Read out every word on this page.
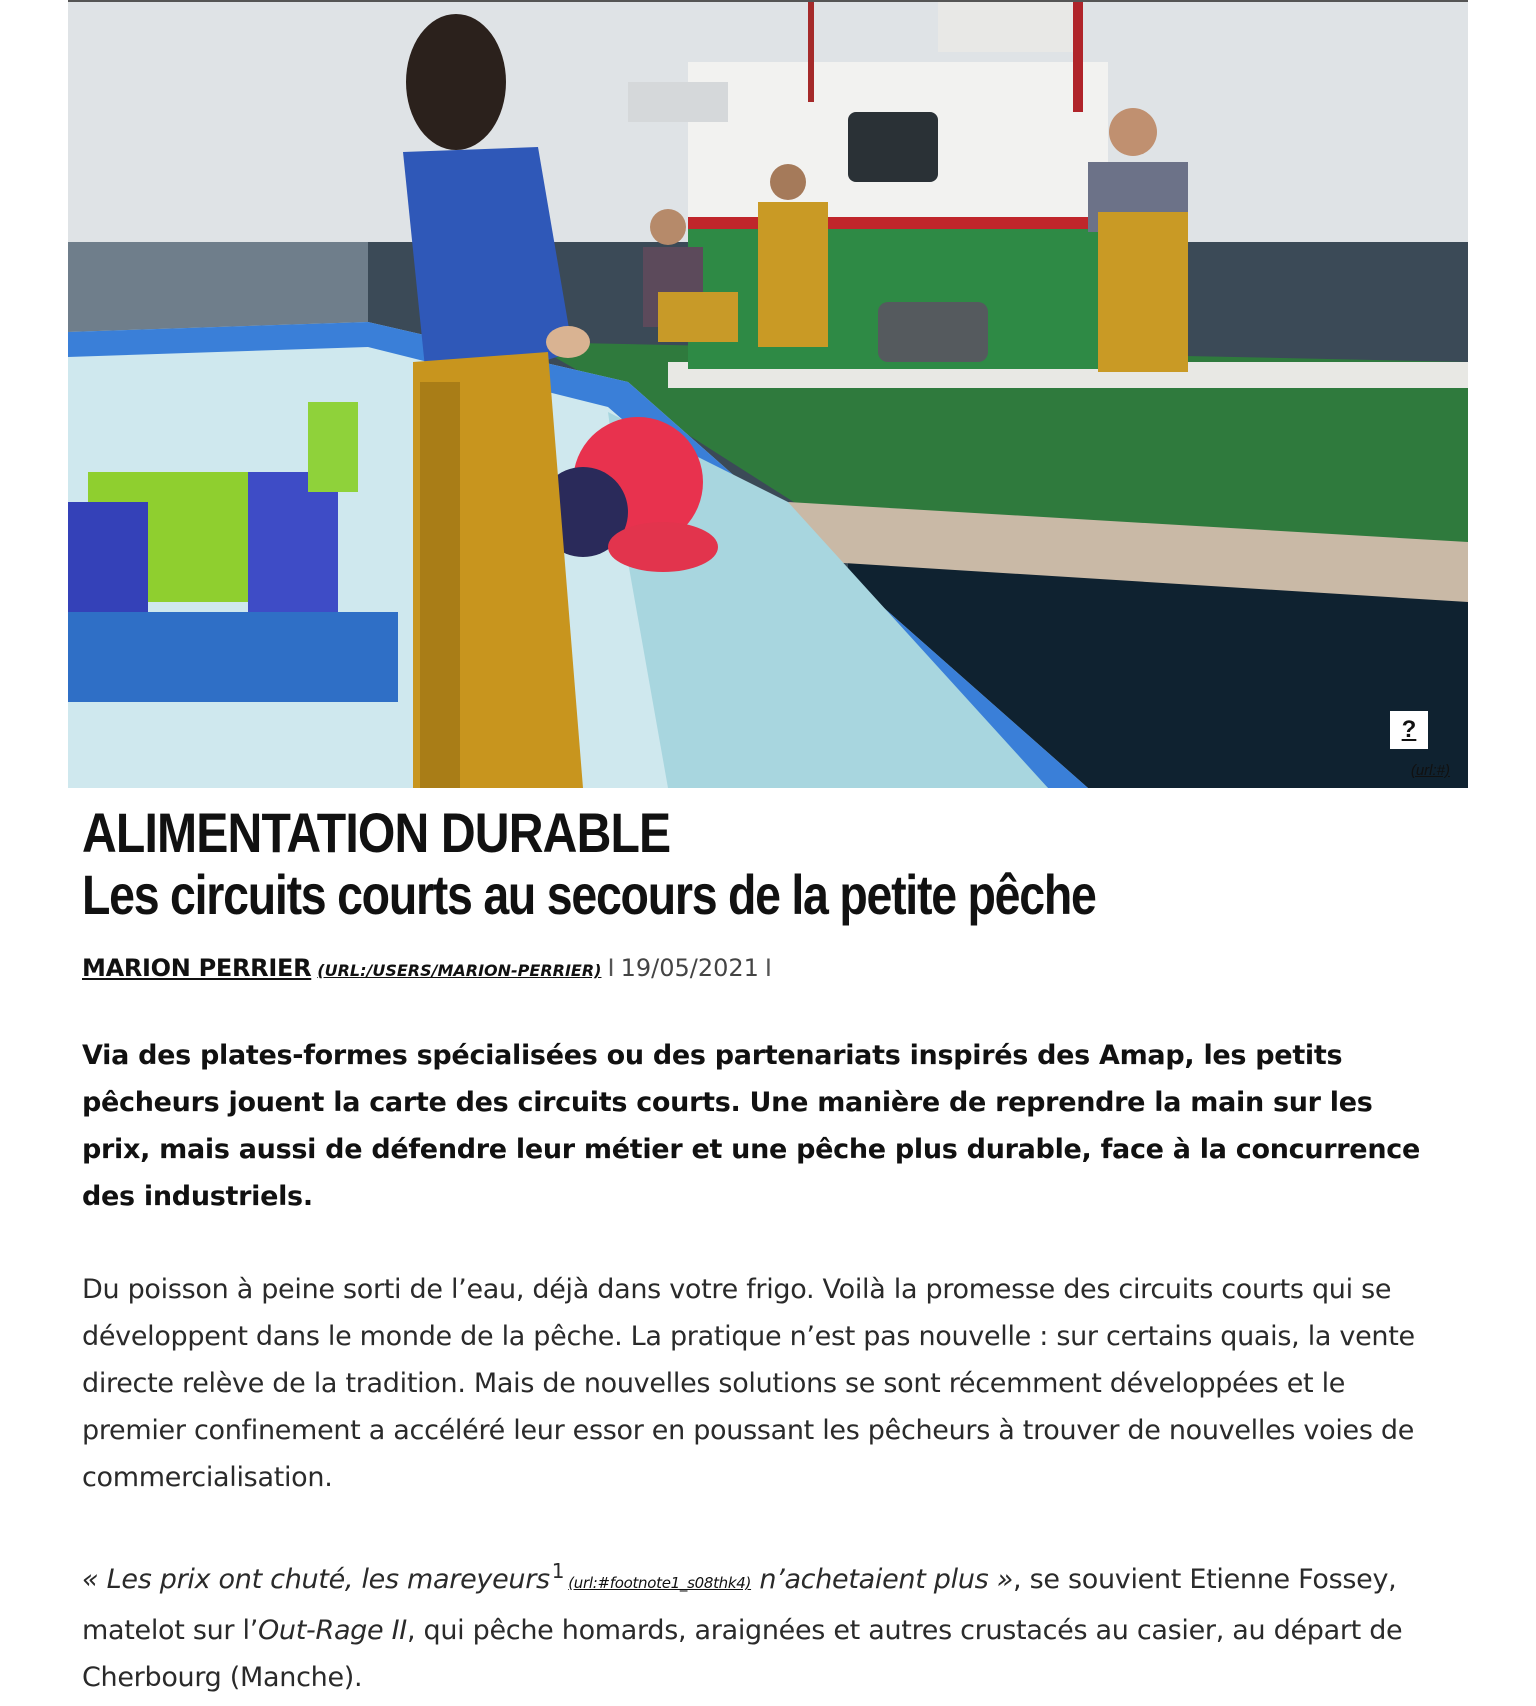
?
(url:#)
ALIMENTATION DURABLE
Les circuits courts au secours de la petite pêche
MARION PERRIER (URL:/USERS/MARION-PERRIER) I 19/05/2021 I

Via des plates-formes spécialisées ou des partenariats inspirés des Amap, les petits pêcheurs jouent la carte des circuits courts. Une manière de reprendre la main sur les prix, mais aussi de défendre leur métier et une pêche plus durable, face à la concurrence des industriels.

Du poisson à peine sorti de l’eau, déjà dans votre frigo. Voilà la promesse des circuits courts qui se développent dans le monde de la pêche. La pratique n’est pas nouvelle : sur certains quais, la vente directe relève de la tradition. Mais de nouvelles solutions se sont récemment développées et le premier confinement a accéléré leur essor en poussant les pêcheurs à trouver de nouvelles voies de commercialisation.

« Les prix ont chuté, les mareyeurs $^1$ (url:#footnote1_s08thk4) n’achetaient plus », se souvient Etienne Fossey, matelot sur l’Out-Rage II, qui pêche homards, araignées et autres crustacés au casier, au départ de Cherbourg (Manche).
